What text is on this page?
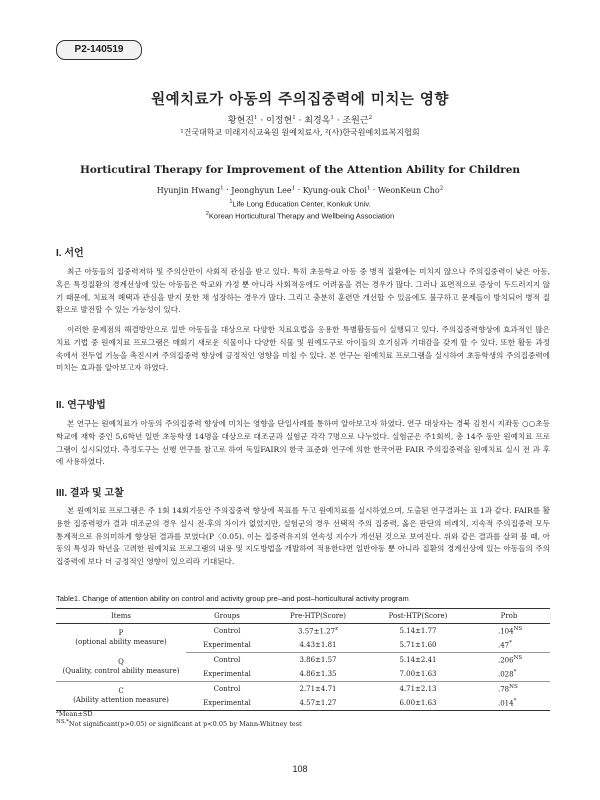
P2-140519
원예치료가 아동의 주의집중력에 미치는 영향
황현진$^1$ · 이정현$^1$ · 최경옥$^1$ · 조원근$^2$
¹건국대학교 미래지식교육원 원예치료사, ²(사)한국원예치료복지협회
Horticutiral Therapy for Improvement of the Attention Ability for Children
Hyunjin Hwang$^1$ · Jeonghyun Lee$^1$ · Kyung-ouk Choi$^1$ · WeonKeun Cho$^2$
$^1$Life Long Education Center, Konkuk Univ.
$^2$Korean Horticultural Therapy and Wellbeing Association
I. 서언

최근 아동들의 집중력저하 및 주의산만이 사회적 관심을 받고 있다. 특히 초등학교 아동 중 병적 질환에는 미치지 않으나 주의집중력이 낮은 아동, 혹은 특정질환의 경계선상에 있는 아동들은 학교와 가정 뿐 아니라 사회적응에도 어려움을 겪는 경우가 많다. 그러나 표면적으로 증상이 두드러지지 않기 때문에, 치료적 혜택과 관심을 받지 못한 채 성장하는 경우가 많다. 그리고 충분히 훈련만 개선할 수 있음에도 불구하고 문제들이 방치되어 병적 질환으로 발전할 수 있는 가능성이 있다.

이러한 문제점의 해결방안으로 일반 아동들을 대상으로 다양한 치료요법을 응용한 특별활동들이 실행되고 있다. 주의집중력향상에 효과적인 많은 치료 기법 중 원예치료 프로그램은 매회기 새로운 식물이나 다양한 식물 및 원예도구로 아이들의 호기심과 기대감을 갖게 할 수 있다. 또한 활동 과정 속에서 전두엽 기능을 촉진시켜 주의집중력 향상에 긍정적인 영향을 미칠 수 있다. 본 연구는 원예치료 프로그램을 실시하여 초등학생의 주의집중력에 미치는 효과를 알아보고자 하였다.

II. 연구방법

본 연구는 원예치료가 아동의 주의집중력 향상에 미치는 영향을 단일사례를 통하여 알아보고자 하였다. 연구 대상자는 경북 김천시 지좌동 ○○초등학교에 재학 중인 5,6학년 일반 초등학생 14명을 대상으로 대조군과 실험군 각각 7명으로 나누었다. 실험군은 주1회씩, 총 14주 동안 원예치료 프로그램이 실시되었다. 측정도구는 선행 연구를 참고로 하여 독일FAIR의 한국 표준화 연구에 의한 한국어판 FAIR 주의집중력을 원예치료 실시 전 과 후에 사용하였다.

III. 결과 및 고찰

본 원예치료 프로그램은 주 1회 14회기동안 주의집중력 향상에 목표를 두고 원예치료를 실시하였으며, 도출된 연구결과는 표 1과 같다. FAIR를 활용한 집중력평가 결과 대조군의 경우 실시 전·후의 차이가 없었지만, 실험군의 경우 선택적 주의 집중력, 옳은 판단의 비례치, 지속적 주의집중력 모두 통계적으로 유의미하게 향상된 결과를 보였다(P〈0.05). 이는 집중력유지의 연속성 지수가 개선된 것으로 보여진다. 위와 같은 결과를 살펴 볼 때, 아동의 특성과 학년을 고려한 원예치료 프로그램의 내용 및 지도방법을 개발하여 적용한다면 일반아동 뿐 아니라 질환의 경계선상에 있는 아동들의 주의집중력에 보다 더 긍정적인 영향이 있으리라 기대된다.

Table1. Change of attention ability on control and activity group pre–and post–horticultural activity program
Items	Groups	Pre-HTP(Score)	Post-HTP(Score)	Prob
P
(optional ability measure)	Control	$3.57\pm 1.27^z$	5.14±1.77	$.104^{NS}$
	Experimental	4.43±1.81	5.71±1.60	.47*
Q
(Quality, control ability measure)	Control	3.86±1.57	5.14±2.41	$.206^{NS}$
	Experimental	4.86±1.35	7.00±1.63	.028*
C
(Ability attention measure)	Control	2.71±4.71	4.71±2.13	$.78^{NS}$
	Experimental	4.57±1.27	6.00±1.63	.014*
$^z$Mean±SD
$^{NS,*}$Not significant(p>0.05) or significant at p<0.05 by Mann-Whitney test
108
